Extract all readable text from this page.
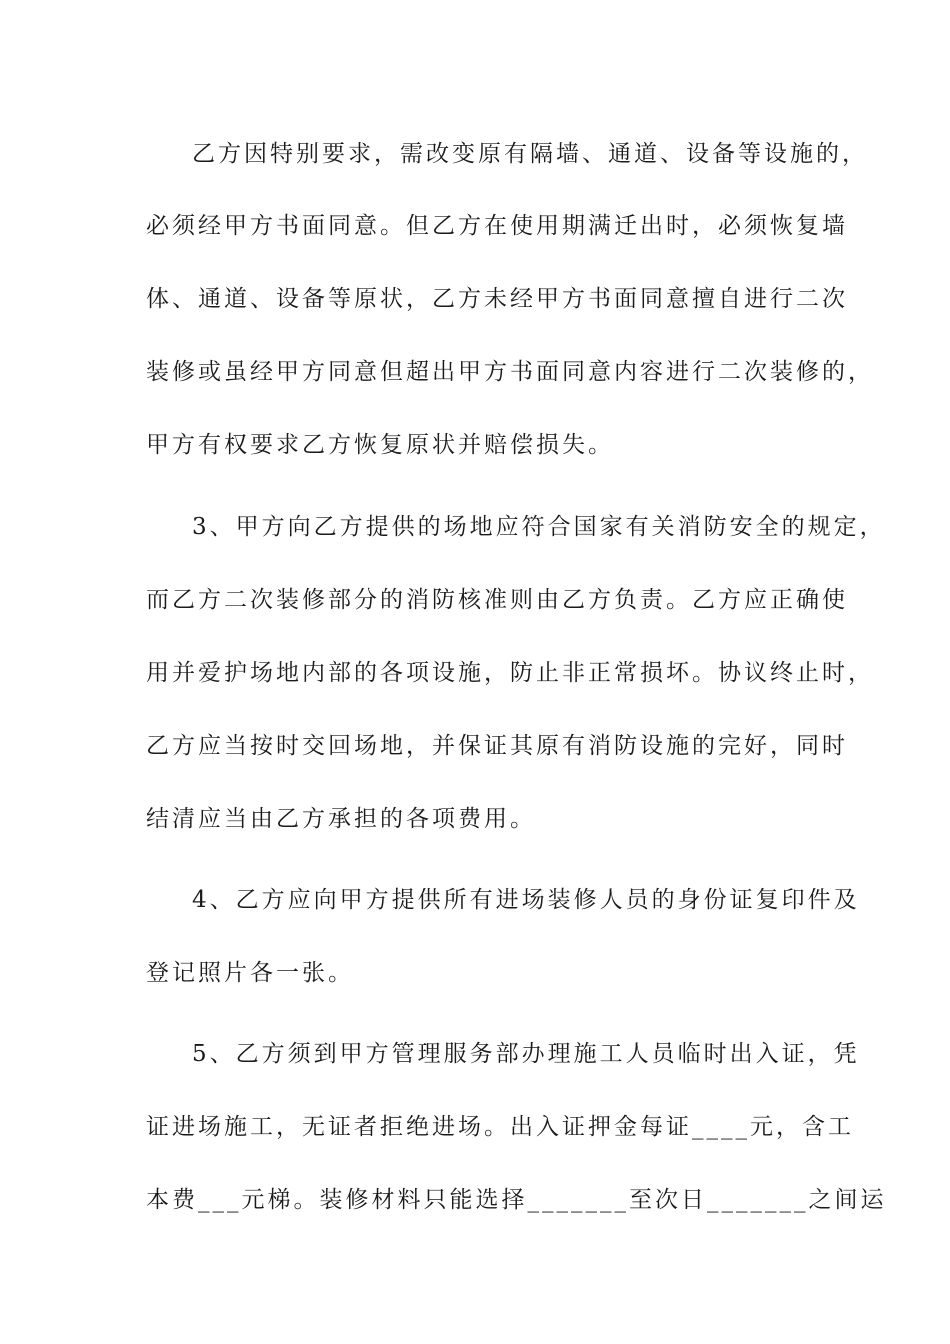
乙方因特别要求，需改变原有隔墙、通道、设备等设施的，
必须经甲方书面同意。但乙方在使用期满迁出时，必须恢复墙
体、通道、设备等原状，乙方未经甲方书面同意擅自进行二次
装修或虽经甲方同意但超出甲方书面同意内容进行二次装修的，
甲方有权要求乙方恢复原状并赔偿损失。
3、甲方向乙方提供的场地应符合国家有关消防安全的规定，
而乙方二次装修部分的消防核准则由乙方负责。乙方应正确使
用并爱护场地内部的各项设施，防止非正常损坏。协议终止时，
乙方应当按时交回场地，并保证其原有消防设施的完好，同时
结清应当由乙方承担的各项费用。
4、乙方应向甲方提供所有进场装修人员的身份证复印件及
登记照片各一张。
5、乙方须到甲方管理服务部办理施工人员临时出入证，凭
证进场施工，无证者拒绝进场。出入证押金每证____元，含工
本费___元梯。装修材料只能选择_______至次日_______之间运
